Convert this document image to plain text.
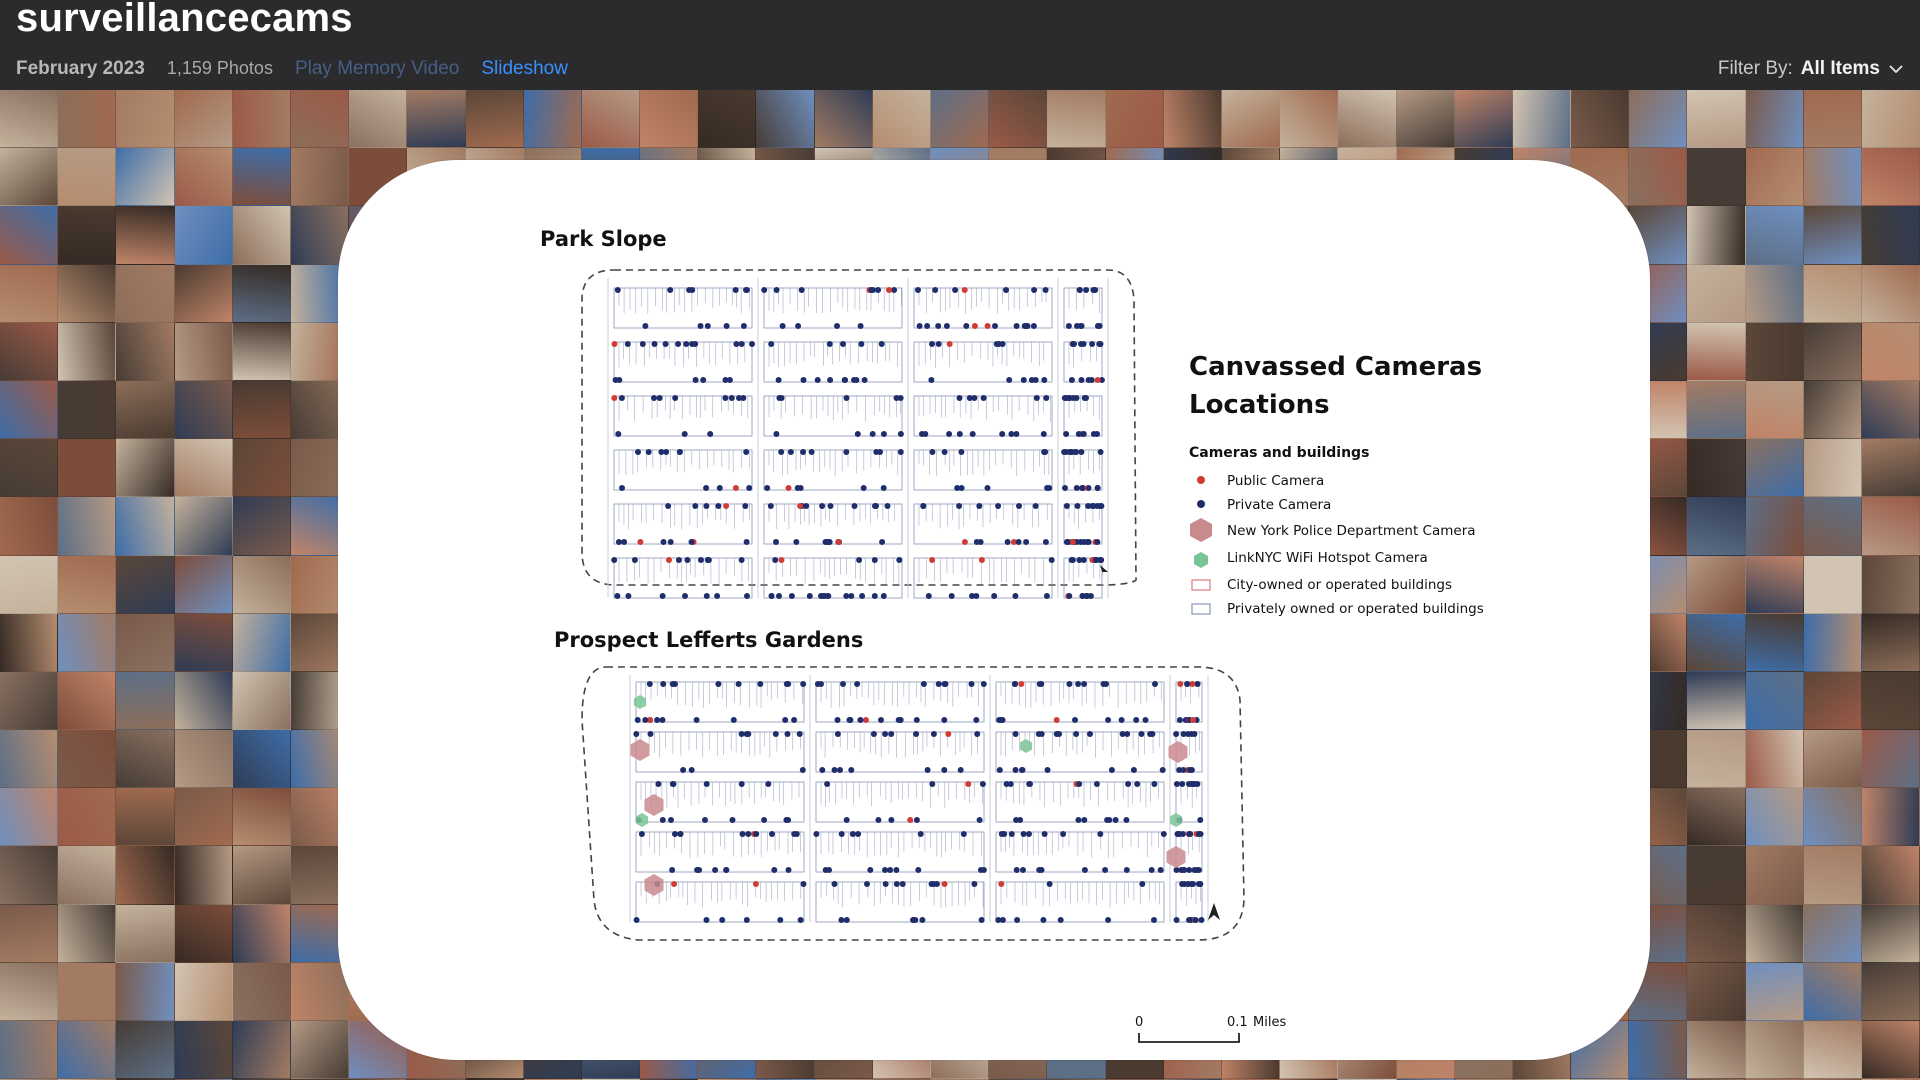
surveillancecams
February 2023 1,159 Photos Play Memory Video Slideshow	Filter By: All Items
Park Slope
Prospect Lefferts Gardens
Canvassed Cameras
Locations
Cameras and buildings
Public Camera
Private Camera
New York Police Department Camera
LinkNYC WiFi Hotspot Camera
City-owned or operated buildings
Privately owned or operated buildings
0	0.1 Miles
